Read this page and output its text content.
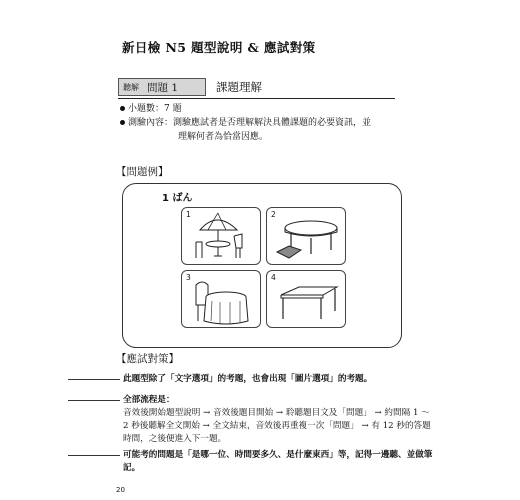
新日檢 N5 題型說明 & 應試對策
聽解 問題 1	課題理解
小題數：7 題
測驗內容：測驗應試者是否理解解決具體課題的必要資訊，並
理解何者為恰當因應。
【問題例】
1 ばん
1	2
3	4
【應試對策】
此題型除了「文字選項」的考題，也會出現「圖片選項」的考題。
全部流程是：
音效後開始題型說明 → 音效後題目開始 → 聆聽題目文及「問題」 → 約間隔 1 ～
2 秒後聽解全文開始 → 全文結束，音效後再重複一次「問題」 → 有 12 秒的答題
時間，之後便進入下一題。
可能考的問題是「是哪一位、時間要多久、是什麼東西」等，記得一邊聽、並做筆
記。
20
